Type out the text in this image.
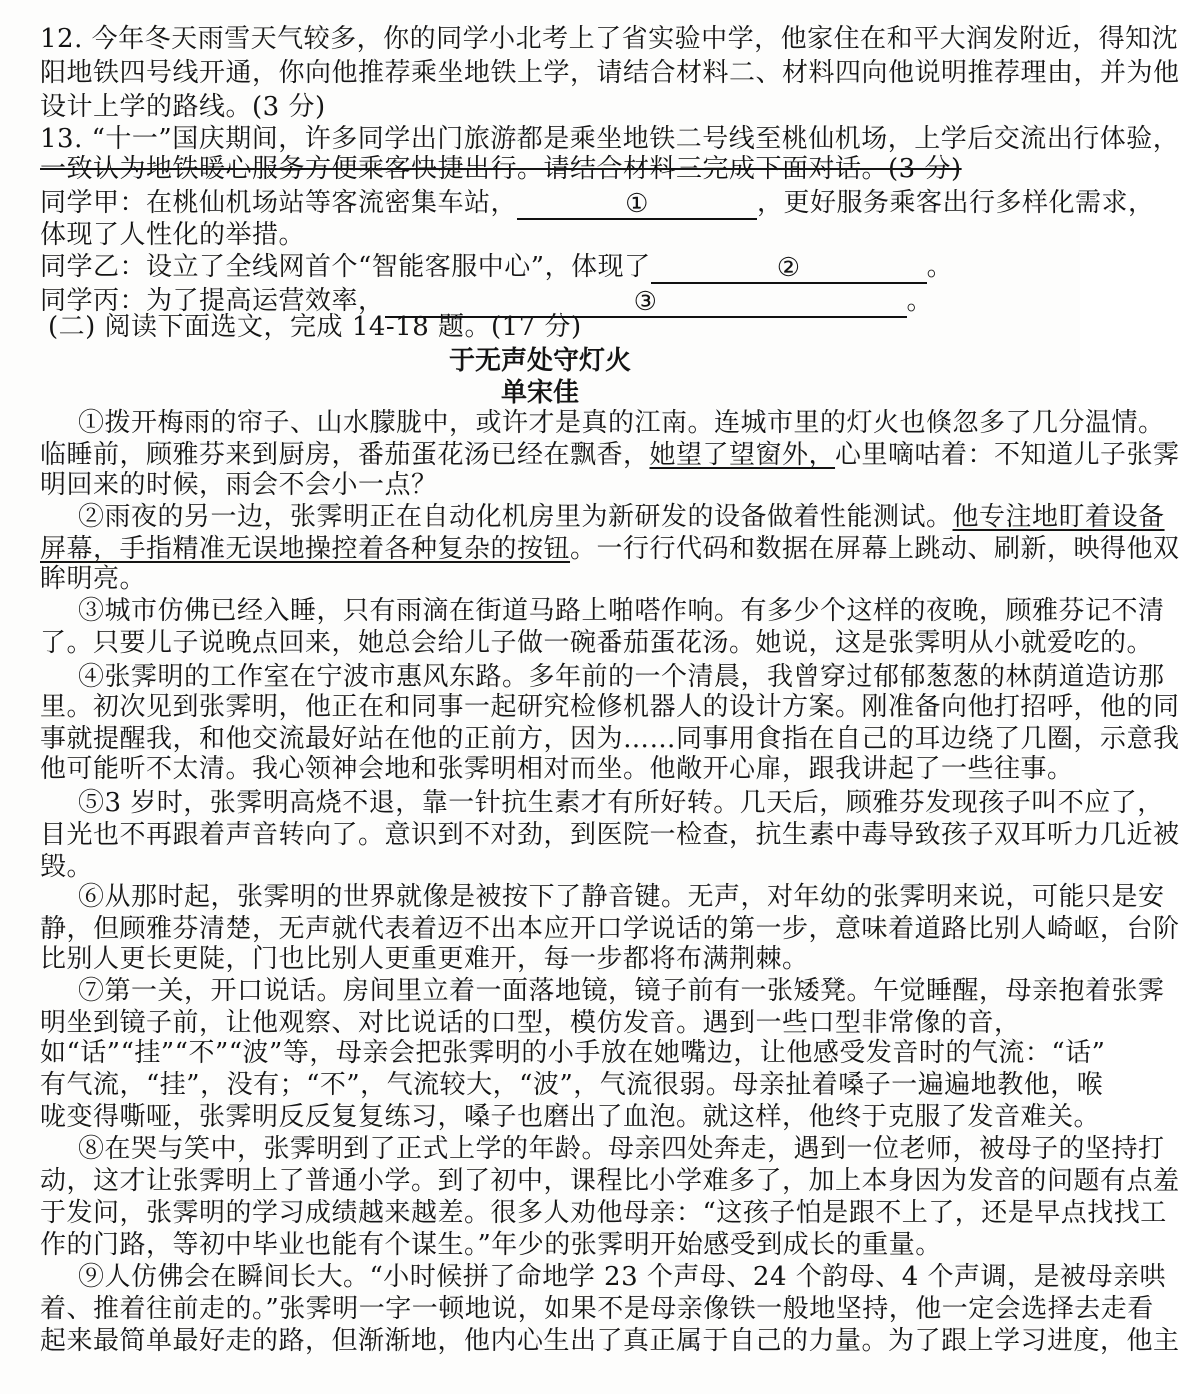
12. 今年冬天雨雪天气较多，你的同学小北考上了省实验中学，他家住在和平大润发附近，得知沈
阳地铁四号线开通，你向他推荐乘坐地铁上学，请结合材料二、材料四向他说明推荐理由，并为他
设计上学的路线。(3 分)
13. “十一”国庆期间，许多同学出门旅游都是乘坐地铁二号线至桃仙机场，上学后交流出行体验，
一致认为地铁暖心服务方便乘客快捷出行。请结合材料三完成下面对话。(3 分)
同学甲：在桃仙机场站等客流密集车站，	①	，更好服务乘客出行多样化需求，
体现了人性化的举措。
同学乙：设立了全线网首个“智能客服中心”，体现了	②	。
同学丙：为了提高运营效率，	③	。
(二) 阅读下面选文，完成 14-18 题。(17 分)
于无声处守灯火
单宋佳
①拨开梅雨的帘子、山水朦胧中，或许才是真的江南。连城市里的灯火也倏忽多了几分温情。
临睡前，顾雅芬来到厨房，番茄蛋花汤已经在飘香，她望了望窗外，心里嘀咕着：不知道儿子张霁
明回来的时候，雨会不会小一点？
②雨夜的另一边，张霁明正在自动化机房里为新研发的设备做着性能测试。他专注地盯着设备
屏幕，手指精准无误地操控着各种复杂的按钮。一行行代码和数据在屏幕上跳动、刷新，映得他双
眸明亮。
③城市仿佛已经入睡，只有雨滴在街道马路上啪嗒作响。有多少个这样的夜晚，顾雅芬记不清
了。只要儿子说晚点回来，她总会给儿子做一碗番茄蛋花汤。她说，这是张霁明从小就爱吃的。
④张霁明的工作室在宁波市惠风东路。多年前的一个清晨，我曾穿过郁郁葱葱的林荫道造访那
里。初次见到张霁明，他正在和同事一起研究检修机器人的设计方案。刚准备向他打招呼，他的同
事就提醒我，和他交流最好站在他的正前方，因为……同事用食指在自己的耳边绕了几圈，示意我
他可能听不太清。我心领神会地和张霁明相对而坐。他敞开心扉，跟我讲起了一些往事。
⑤3 岁时，张霁明高烧不退，靠一针抗生素才有所好转。几天后，顾雅芬发现孩子叫不应了，
目光也不再跟着声音转向了。意识到不对劲，到医院一检查，抗生素中毒导致孩子双耳听力几近被
毁。
⑥从那时起，张霁明的世界就像是被按下了静音键。无声，对年幼的张霁明来说，可能只是安
静，但顾雅芬清楚，无声就代表着迈不出本应开口学说话的第一步，意味着道路比别人崎岖，台阶
比别人更长更陡，门也比别人更重更难开，每一步都将布满荆棘。
⑦第一关，开口说话。房间里立着一面落地镜，镜子前有一张矮凳。午觉睡醒，母亲抱着张霁
明坐到镜子前，让他观察、对比说话的口型，模仿发音。遇到一些口型非常像的音，
如“话”“挂”“不”“波”等，母亲会把张霁明的小手放在她嘴边，让他感受发音时的气流：“话”
有气流，“挂”，没有；“不”，气流较大，“波”，气流很弱。母亲扯着嗓子一遍遍地教他，喉
咙变得嘶哑，张霁明反反复复练习，嗓子也磨出了血泡。就这样，他终于克服了发音难关。
⑧在哭与笑中，张霁明到了正式上学的年龄。母亲四处奔走，遇到一位老师，被母子的坚持打
动，这才让张霁明上了普通小学。到了初中，课程比小学难多了，加上本身因为发音的问题有点羞
于发问，张霁明的学习成绩越来越差。很多人劝他母亲：“这孩子怕是跟不上了，还是早点找找工
作的门路，等初中毕业也能有个谋生。”年少的张霁明开始感受到成长的重量。
⑨人仿佛会在瞬间长大。“小时候拼了命地学 23 个声母、24 个韵母、4 个声调，是被母亲哄
着、推着往前走的。”张霁明一字一顿地说，如果不是母亲像铁一般地坚持，他一定会选择去走看
起来最简单最好走的路，但渐渐地，他内心生出了真正属于自己的力量。为了跟上学习进度，他主
